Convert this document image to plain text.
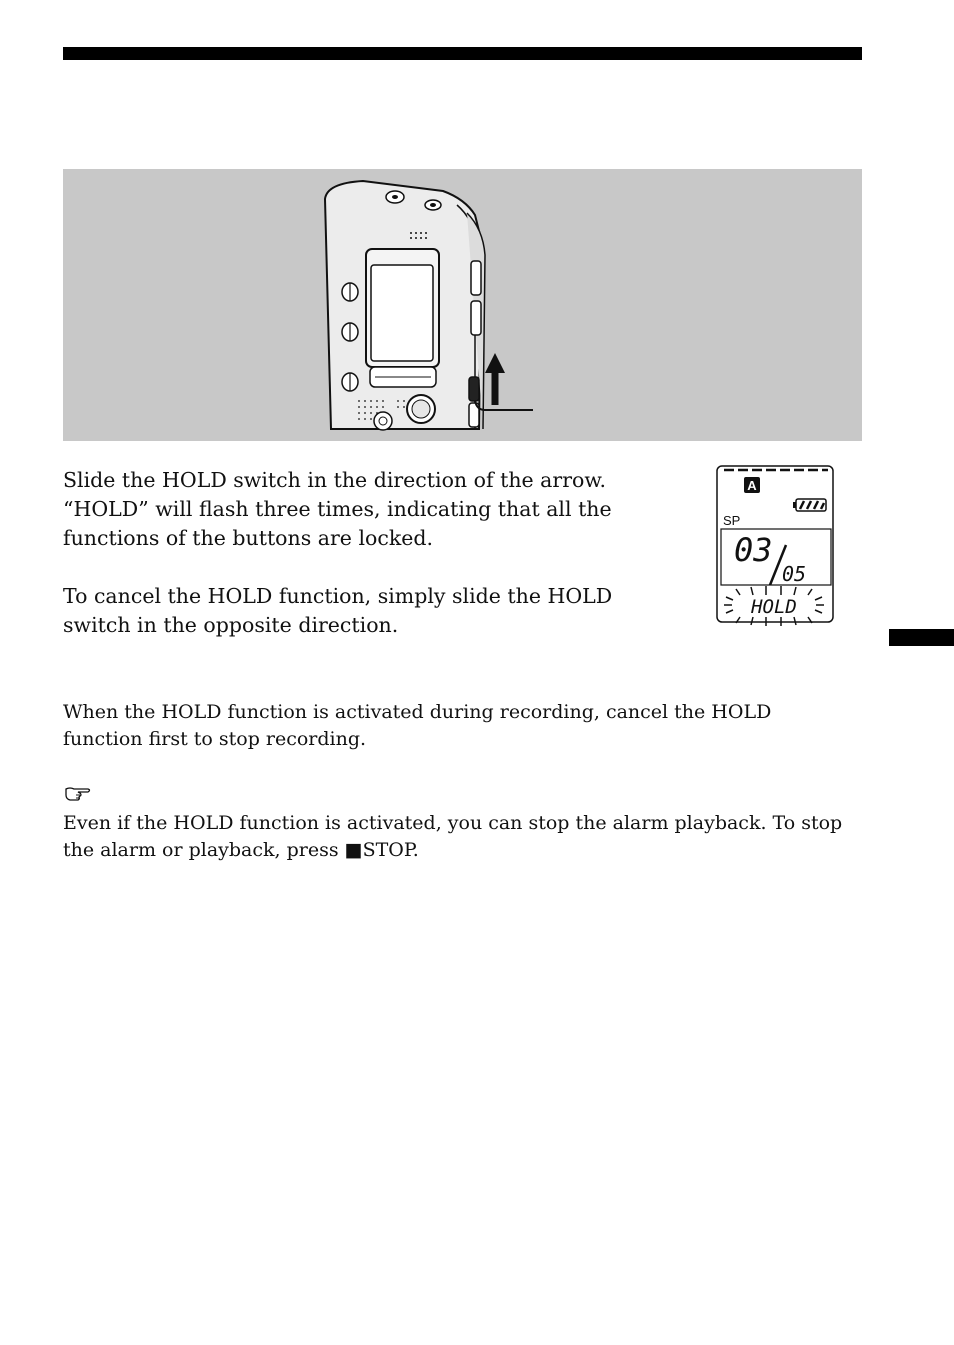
Slide the HOLD switch in the direction of the arrow. “HOLD” will flash three times, indicating that all the functions of the buttons are locked.

To cancel the HOLD function, simply slide the HOLD switch in the opposite direction.

A
SP
03
05
HOLD

When the HOLD function is activated during recording, cancel the HOLD function first to stop recording.

Even if the HOLD function is activated, you can stop the alarm playback. To stop the alarm or playback, press ■STOP.
